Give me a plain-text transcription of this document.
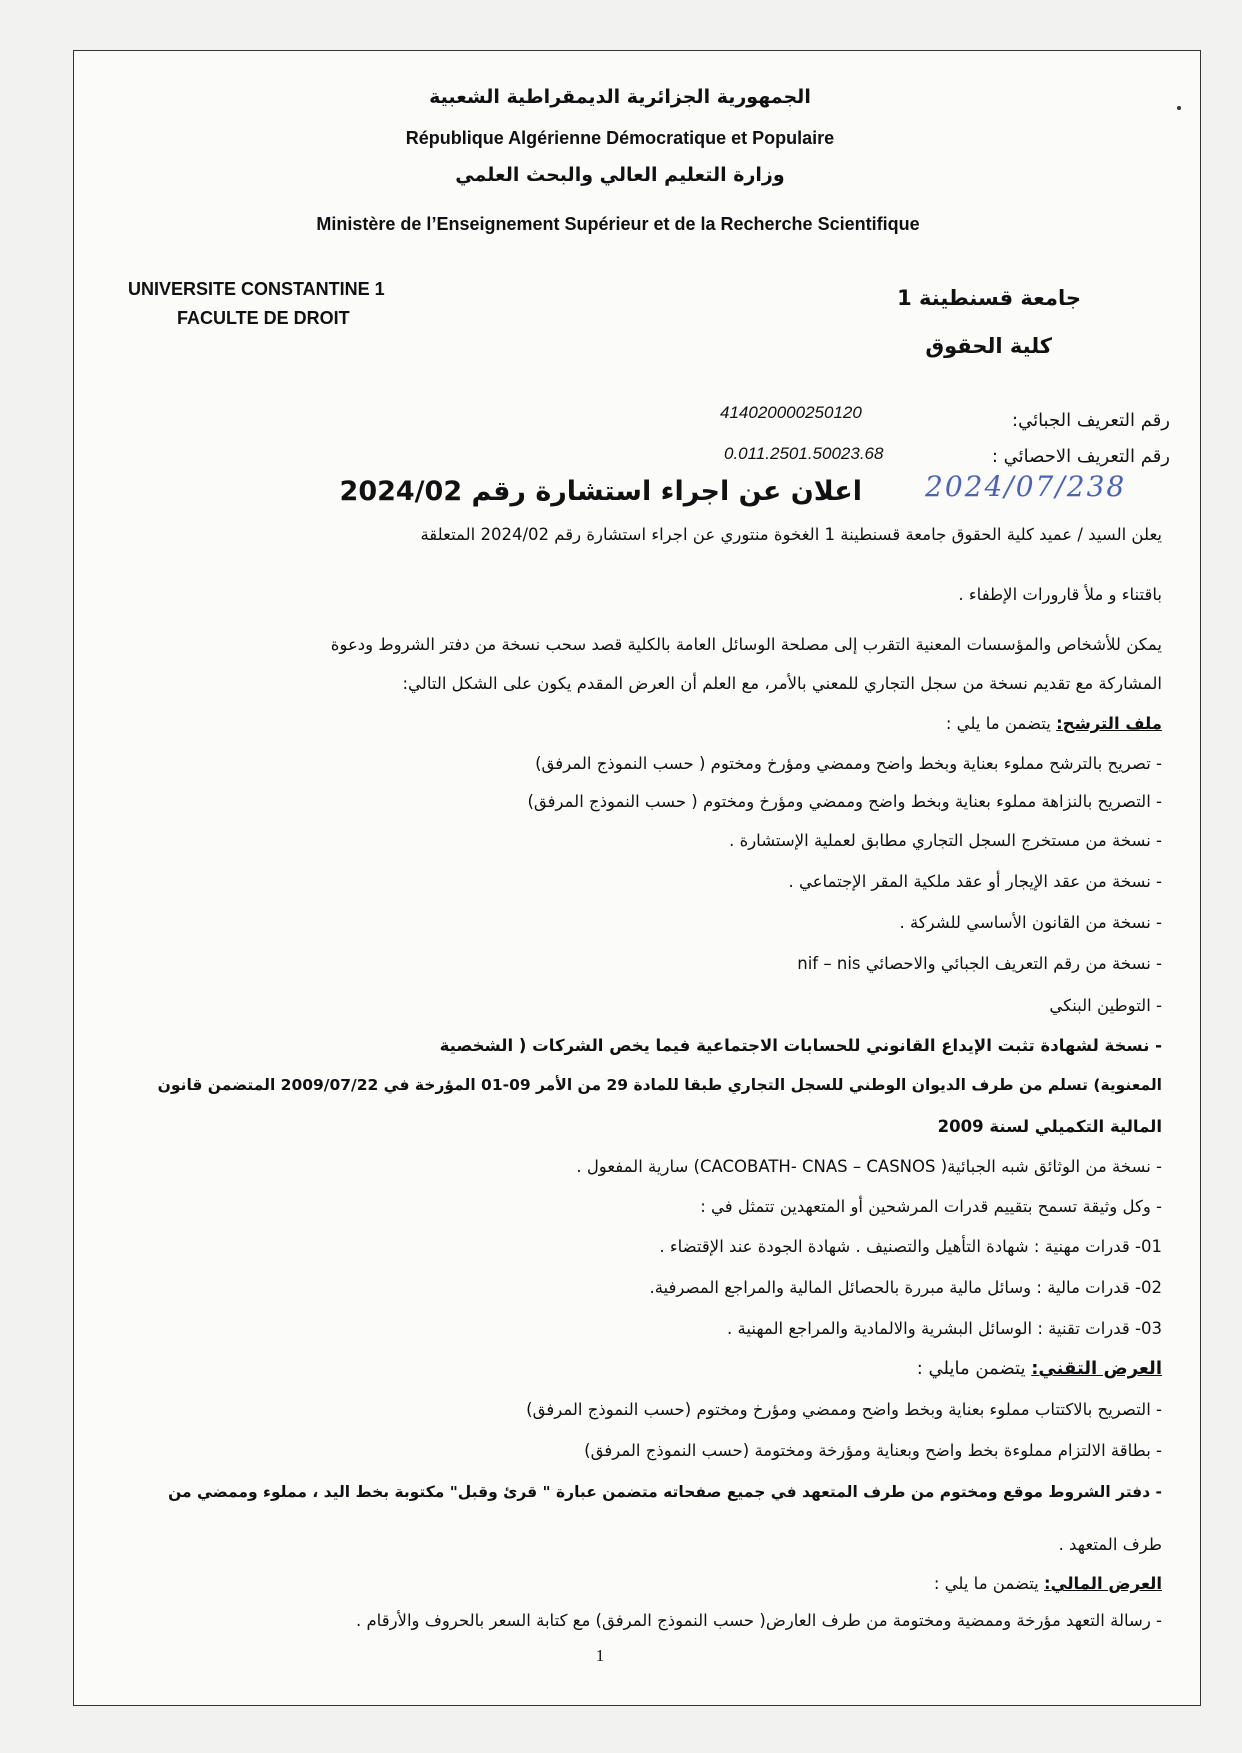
الجمهورية الجزائرية الديمقراطية الشعبية
République Algérienne Démocratique et Populaire
وزارة التعليم العالي والبحث العلمي
Ministère de l’Enseignement Supérieur et de la Recherche Scientifique
UNIVERSITE CONSTANTINE 1
FACULTE DE DROIT
جامعة قسنطينة 1
كلية الحقوق
414020000250120	رقم التعريف الجبائي:
0.011.2501.50023.68	رقم التعريف الاحصائي :
2024/07/238
اعلان عن اجراء استشارة رقم 2024/02
يعلن السيد / عميد كلية الحقوق جامعة قسنطينة 1 الغخوة منتوري عن اجراء استشارة رقم 2024/02 المتعلقة
باقتناء و ملأ قارورات الإطفاء .
يمكن للأشخاص والمؤسسات المعنية التقرب إلى مصلحة الوسائل العامة بالكلية قصد سحب نسخة من دفتر الشروط ودعوة
المشاركة مع تقديم نسخة من سجل التجاري للمعني بالأمر، مع العلم أن العرض المقدم يكون على الشكل التالي:
ملف الترشح: يتضمن ما يلي :
- تصريح بالترشح مملوء بعناية وبخط واضح وممضي ومؤرخ ومختوم ( حسب النموذج المرفق)
- التصريح بالنزاهة مملوء بعناية وبخط واضح وممضي ومؤرخ ومختوم ( حسب النموذج المرفق)
- نسخة من مستخرج السجل التجاري مطابق لعملية الإستشارة .
- نسخة من عقد الإيجار أو عقد ملكية المقر الإجتماعي .
- نسخة من القانون الأساسي للشركة .
- نسخة من رقم التعريف الجبائي والاحصائي nif – nis
- التوطين البنكي
- نسخة لشهادة تثبت الإيداع القانوني للحسابات الاجتماعية فيما يخص الشركات ( الشخصية
المعنوية) تسلم من طرف الديوان الوطني للسجل التجاري طبقا للمادة 29 من الأمر 09-01 المؤرخة في 2009/07/22 المتضمن قانون
المالية التكميلي لسنة 2009
- نسخة من الوثائق شبه الجبائية( CACOBATH- CNAS – CASNOS) سارية المفعول .
- وكل وثيقة تسمح بتقييم قدرات المرشحين أو المتعهدين تتمثل في :
01- قدرات مهنية : شهادة التأهيل والتصنيف . شهادة الجودة عند الإقتضاء .
02- قدرات مالية : وسائل مالية مبررة بالحصائل المالية والمراجع المصرفية.
03- قدرات تقنية : الوسائل البشرية والالمادية والمراجع المهنية .
العرض التقني: يتضمن مايلي :
- التصريح بالاكتتاب مملوء بعناية وبخط واضح وممضي ومؤرخ ومختوم (حسب النموذج المرفق)
- بطاقة الالتزام مملوءة بخط واضح وبعناية ومؤرخة ومختومة (حسب النموذج المرفق)
- دفتر الشروط موقع ومختوم من طرف المتعهد في جميع صفحاته متضمن عبارة " قرئ وقبل" مكتوبة بخط اليد ، مملوء وممضي من
طرف المتعهد .
العرض المالي: يتضمن ما يلي :
- رسالة التعهد مؤرخة وممضية ومختومة من طرف العارض( حسب النموذج المرفق) مع كتابة السعر بالحروف والأرقام .
1
